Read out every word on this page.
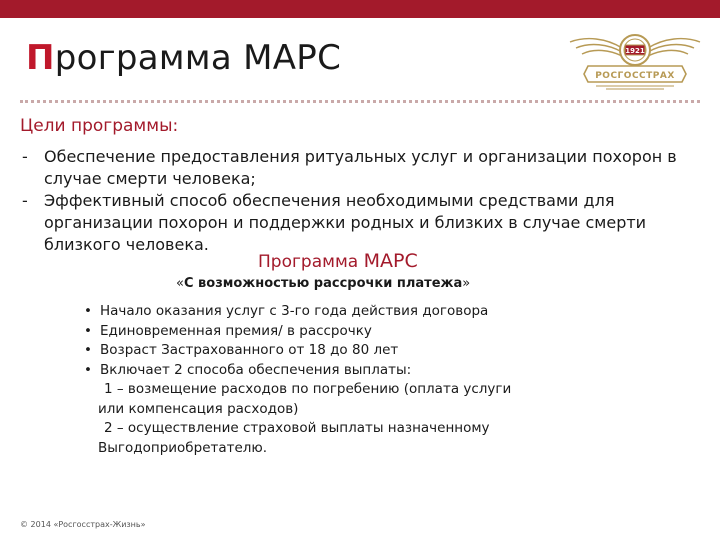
Программа МАРС	1921
РОСГОССТРАХ
Цели программы:
- Обеспечение предоставления ритуальных услуг и организации похорон в случае смерти человека;
- Эффективный способ обеспечения необходимыми средствами для организации похорон и поддержки родных и близких в случае смерти близкого человека.
Программа МАРС
«С возможностью рассрочки платежа»
• Начало оказания услуг с 3-го года действия договора
• Единовременная премия/ в рассрочку
• Возраст Застрахованного от 18 до 80 лет
• Включает 2 способа обеспечения выплаты:
1 – возмещение расходов по погребению (оплата услуги
или компенсация расходов)
2 – осуществление страховой выплаты назначенному
Выгодоприобретателю.
© 2014 «Росгосстрах-Жизнь»
